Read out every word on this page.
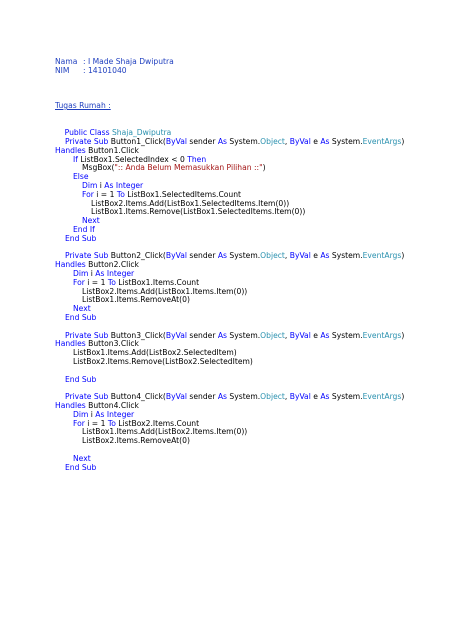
Nama : I Made Shaja Dwiputra
NIM : 14101040
Tugas Rumah :

Public Class Shaja_Dwiputra

Private Sub Button1_Click(ByVal sender As System.Object, ByVal e As System.EventArgs)
Handles Button1.Click
If ListBox1.SelectedIndex < 0 Then
MsgBox(":: Anda Belum Memasukkan Pilihan ::")
Else
Dim i As Integer
For i = 1 To ListBox1.SelectedItems.Count
ListBox2.Items.Add(ListBox1.SelectedItems.Item(0))
ListBox1.Items.Remove(ListBox1.SelectedItems.Item(0))
Next
End If
End Sub
Private Sub Button2_Click(ByVal sender As System.Object, ByVal e As System.EventArgs)
Handles Button2.Click
Dim i As Integer
For i = 1 To ListBox1.Items.Count
ListBox2.Items.Add(ListBox1.Items.Item(0))
ListBox1.Items.RemoveAt(0)
Next
End Sub
Private Sub Button3_Click(ByVal sender As System.Object, ByVal e As System.EventArgs)
Handles Button3.Click
ListBox1.Items.Add(ListBox2.SelectedItem)
ListBox2.Items.Remove(ListBox2.SelectedItem)
End Sub
Private Sub Button4_Click(ByVal sender As System.Object, ByVal e As System.EventArgs)
Handles Button4.Click
Dim i As Integer
For i = 1 To ListBox2.Items.Count
ListBox1.Items.Add(ListBox2.Items.Item(0))
ListBox2.Items.RemoveAt(0)
Next
End Sub
